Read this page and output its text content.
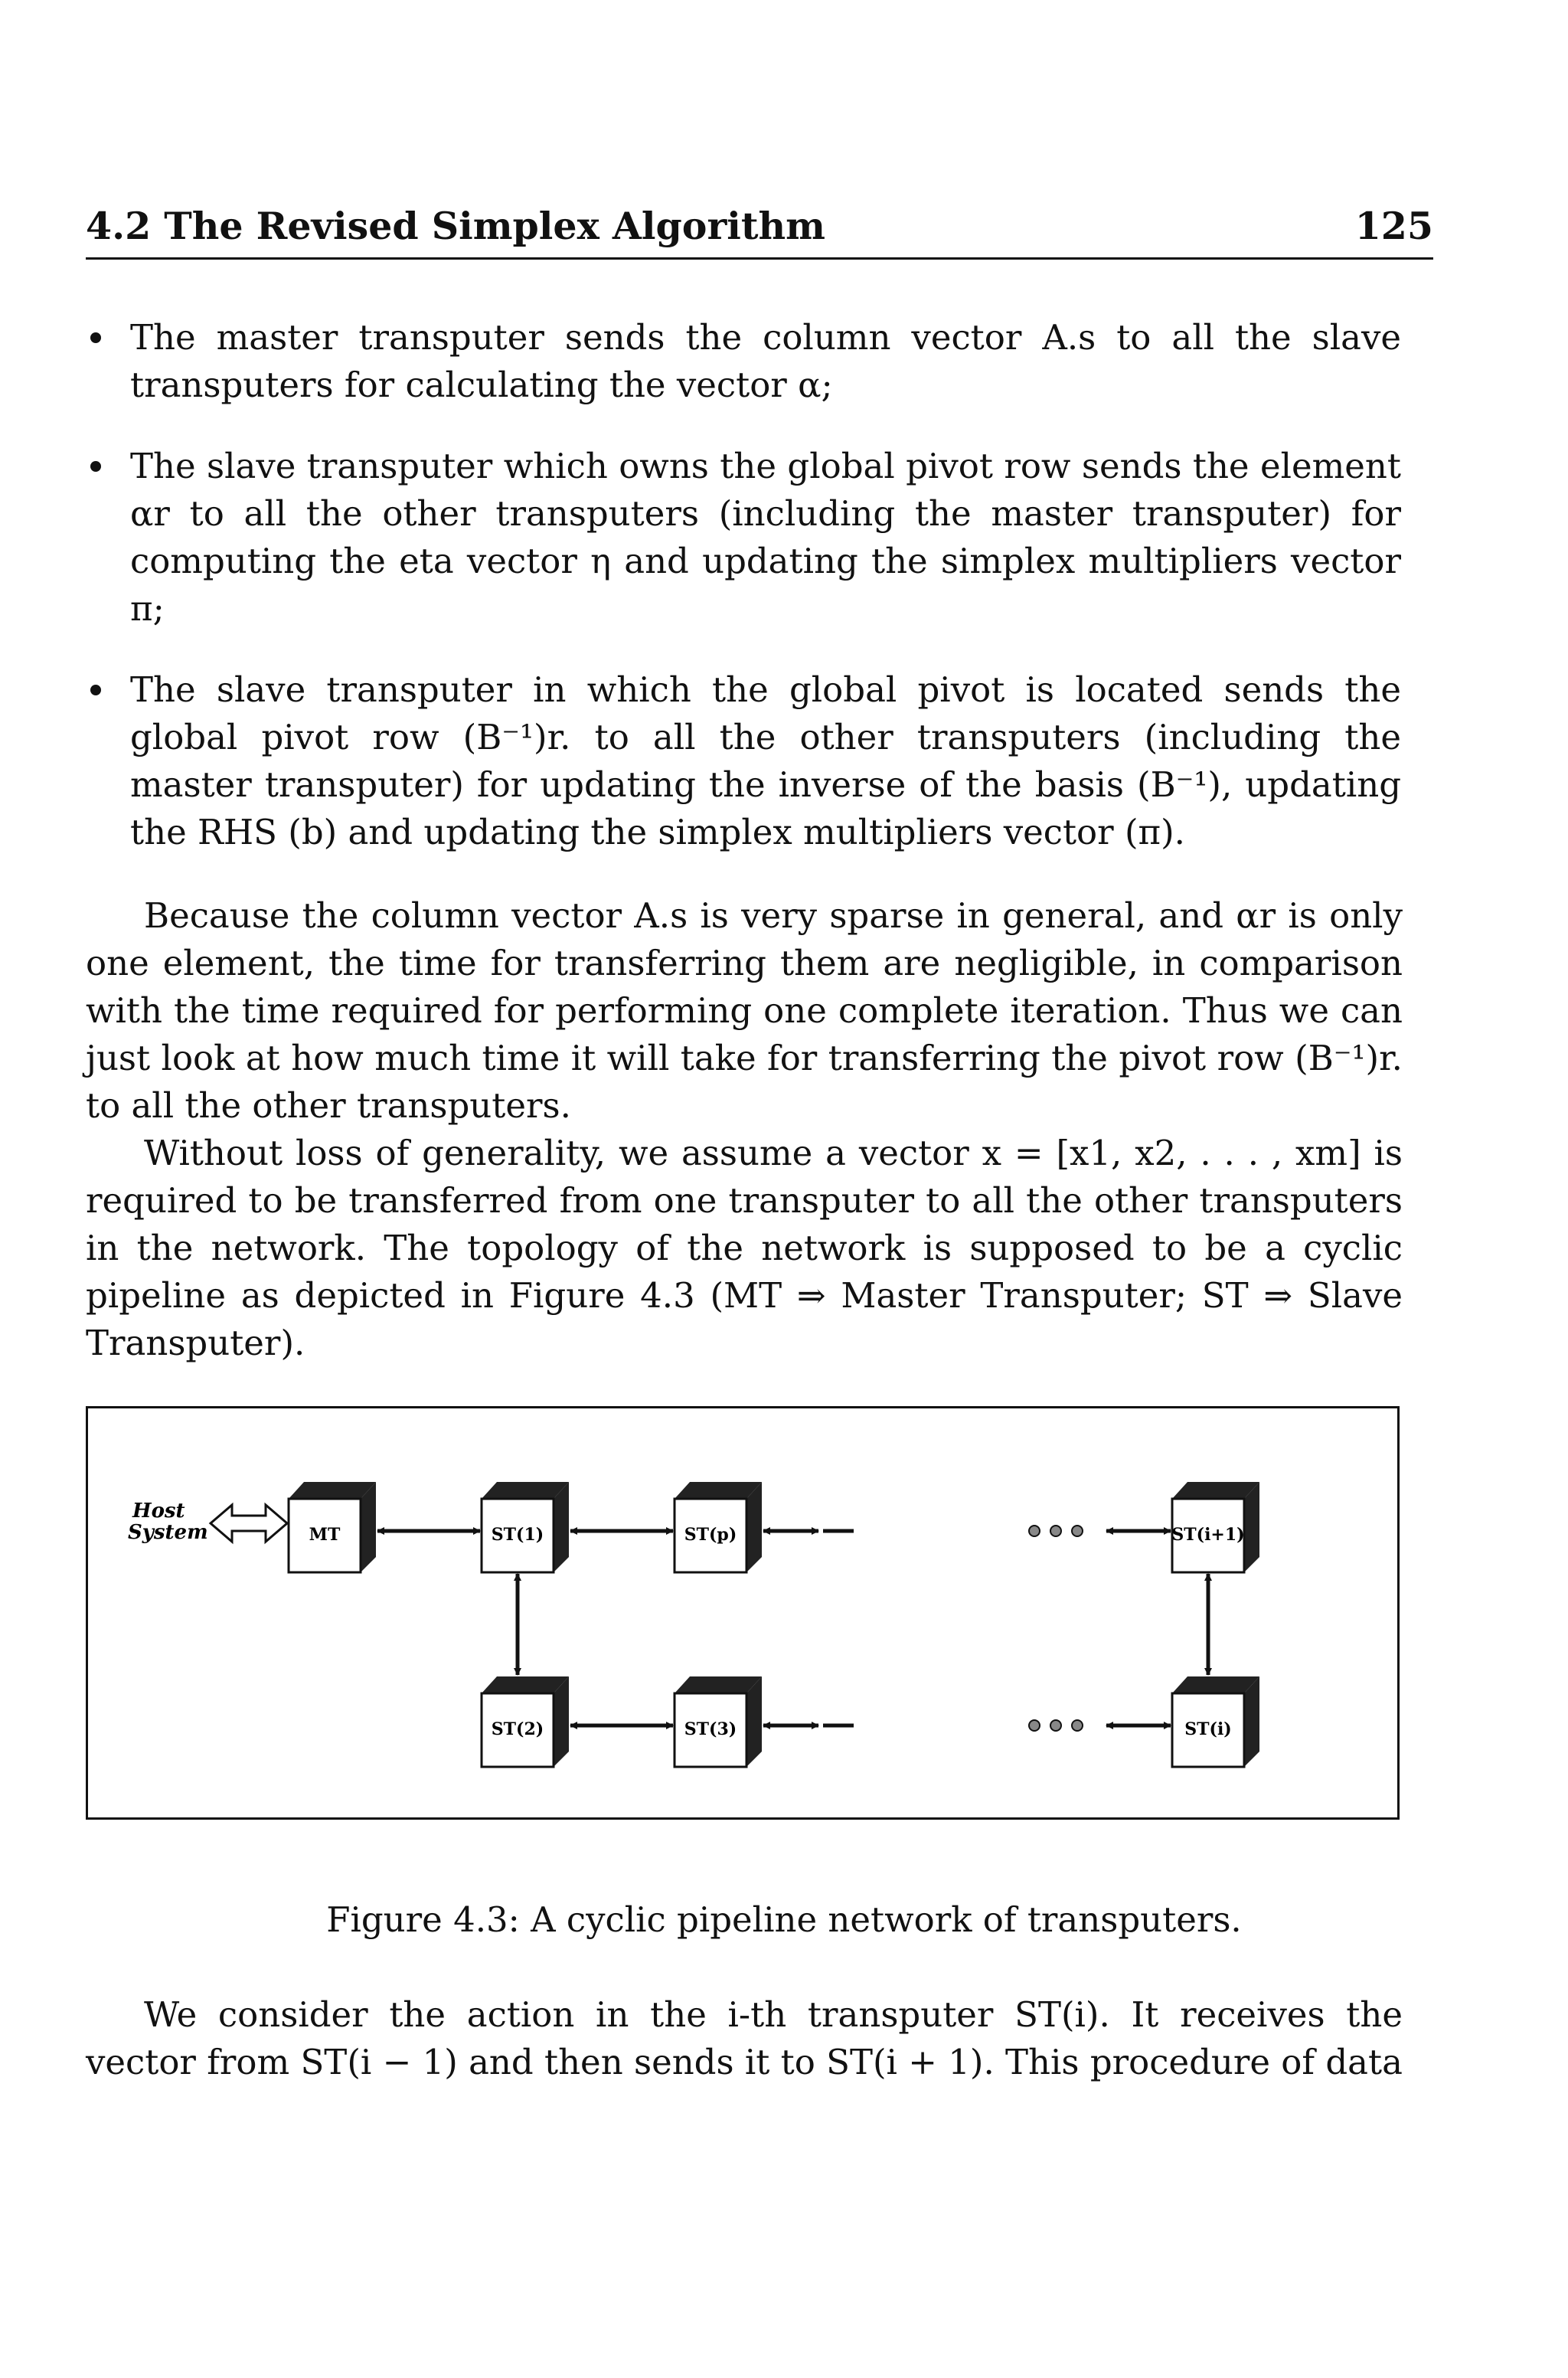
4.2 The Revised Simplex Algorithm	125
The master transputer sends the column vector A.s to all the slave transputers for calculating the vector α;
The slave transputer which owns the global pivot row sends the element αr to all the other transputers (including the master transputer) for computing the eta vector η and updating the simplex multipliers vector π;
The slave transputer in which the global pivot is located sends the global pivot row (B⁻¹)r. to all the other transputers (including the master transputer) for updating the inverse of the basis (B⁻¹), updating the RHS (b) and updating the simplex multipliers vector (π).
Because the column vector A.s is very sparse in general, and αr is only one element, the time for transferring them are negligible, in comparison with the time required for performing one complete iteration. Thus we can just look at how much time it will take for transferring the pivot row (B⁻¹)r. to all the other transputers.
Without loss of generality, we assume a vector x = [x1, x2, . . . , xm] is required to be transferred from one transputer to all the other transputers in the network. The topology of the network is supposed to be a cyclic pipeline as depicted in Figure 4.3 (MT ⇒ Master Transputer; ST ⇒ Slave Transputer).
Host
System	MT	ST(1)	ST(p)	ST(i+1)
ST(2)	ST(3)	ST(i)
Figure 4.3: A cyclic pipeline network of transputers.
We consider the action in the i-th transputer ST(i). It receives the vector from ST(i − 1) and then sends it to ST(i + 1). This procedure of data
